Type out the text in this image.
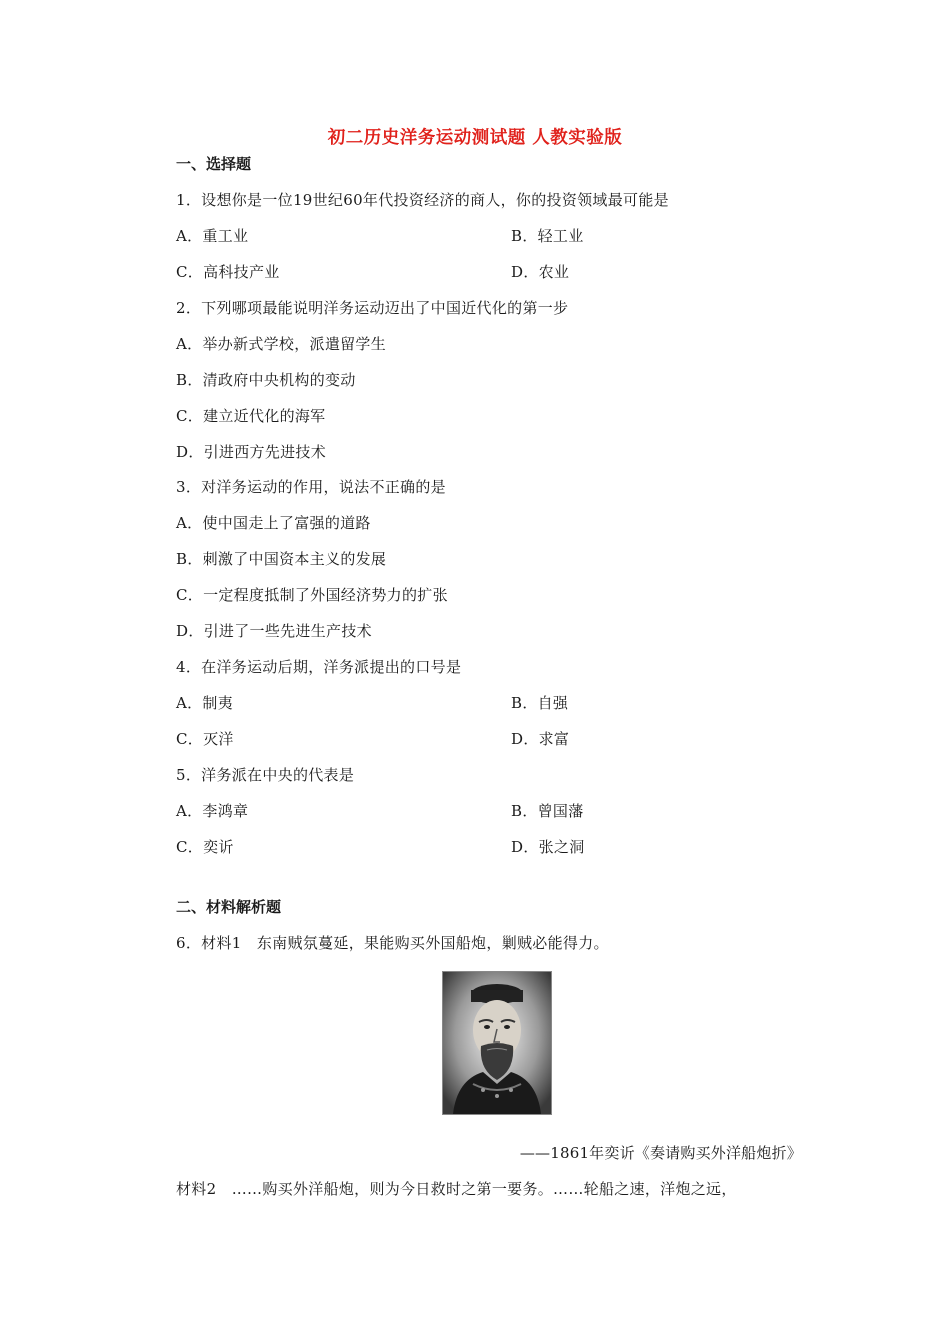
初二历史洋务运动测试题 人教实验版
一、选择题
1．设想你是一位19世纪60年代投资经济的商人，你的投资领域最可能是
A．重工业	B．轻工业
C．高科技产业	D．农业
2．下列哪项最能说明洋务运动迈出了中国近代化的第一步
A．举办新式学校，派遣留学生
B．清政府中央机构的变动
C．建立近代化的海军
D．引进西方先进技术
3．对洋务运动的作用，说法不正确的是
A．使中国走上了富强的道路
B．刺激了中国资本主义的发展
C．一定程度抵制了外国经济势力的扩张
D．引进了一些先进生产技术
4．在洋务运动后期，洋务派提出的口号是
A．制夷	B．自强
C．灭洋	D．求富
5．洋务派在中央的代表是
A．李鸿章	B．曾国藩
C．奕䜣	D．张之洞
二、材料解析题
6．材料1　东南贼氛蔓延，果能购买外国船炮，剿贼必能得力。
——1861年奕䜣《奏请购买外洋船炮折》
材料2　……购买外洋船炮，则为今日救时之第一要务。……轮船之速，洋炮之远，
